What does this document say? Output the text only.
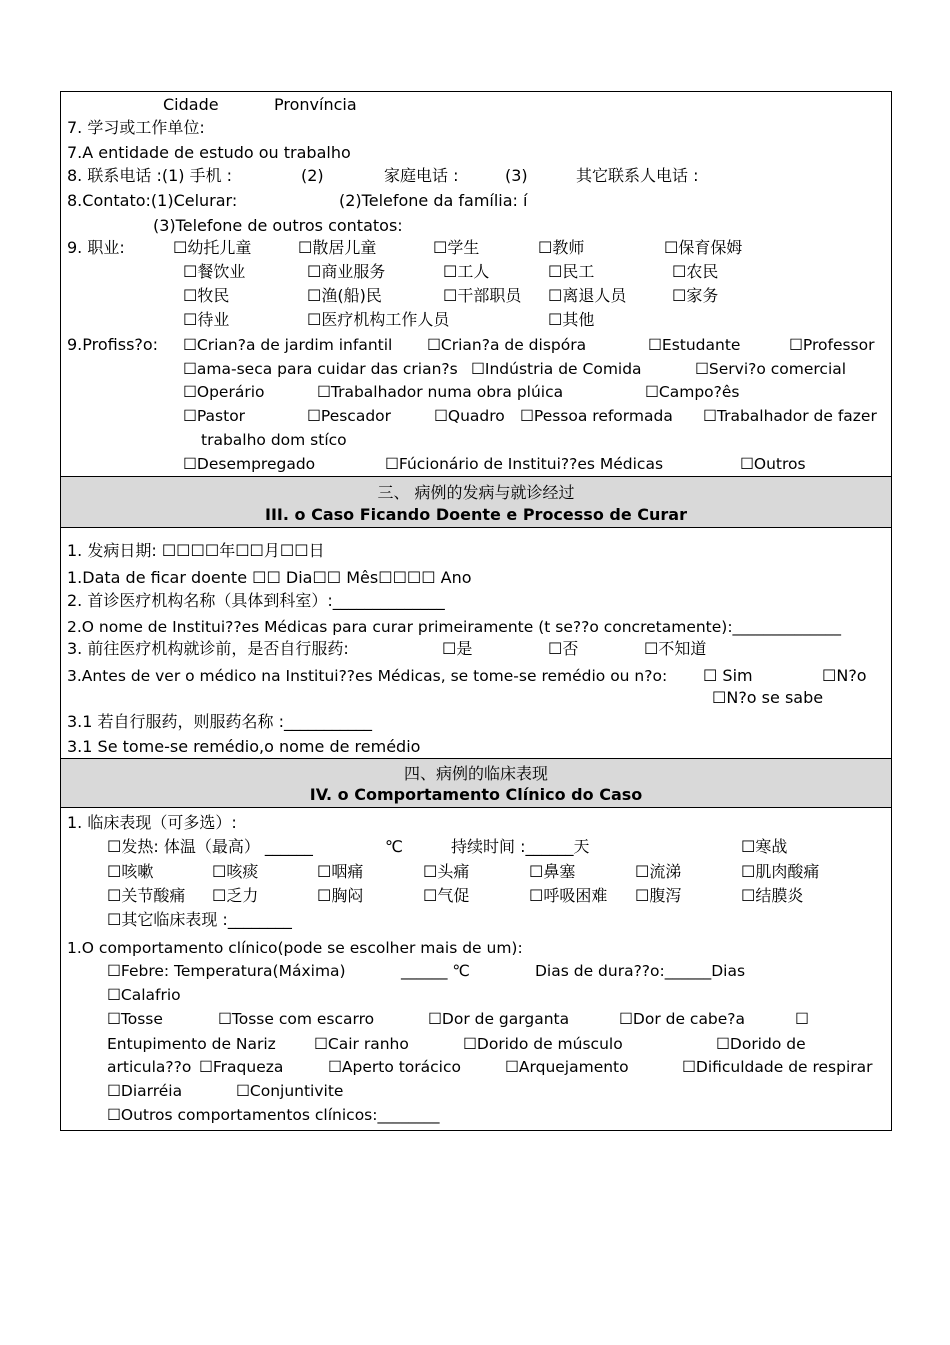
Cidade	Pronvíncia
7. 学习或工作单位:
7.A entidade de estudo ou trabalho
8. 联系电话 :(1) 手机 :	(2)	家庭电话 :	(3)	其它联系人电话 :
8.Contato:(1)Celurar:	(2)Telefone da família: í
(3)Telefone de outros contatos:
9. 职业:	☐幼托儿童	☐散居儿童	☐学生	☐教师	☐保育保姆
☐餐饮业	☐商业服务	☐工人	☐民工	☐农民
☐牧民	☐渔(船)民	☐干部职员 ☐离退人员	☐家务
☐待业	☐医疗机构工作人员	☐其他
9.Profiss?o: ☐Crian?a de jardim infantil ☐Crian?a de dispóra	☐Estudante	☐Professor
☐ama-seca para cuidar das crian?s ☐Indústria de Comida	☐Servi?o comercial
☐Operário	☐Trabalhador numa obra plúica	☐Campo?ês
☐Pastor	☐Pescador	☐Quadro ☐Pessoa reformada ☐Trabalhador de fazer
trabalho dom stíco
☐Desempregado	☐Fúcionário de Institui??es Médicas	☐Outros
三、 病例的发病与就诊经过
III. o Caso Ficando Doente e Processo de Curar
1. 发病日期: ☐☐☐☐年☐☐月☐☐日
1.Data de ficar doente ☐☐ Dia☐☐ Mês☐☐☐☐ Ano
2. 首诊医疗机构名称（具体到科室）:______________
2.O nome de Institui??es Médicas para curar primeiramente (t se??o concretamente):______________
3. 前往医疗机构就诊前，是否自行服药:	☐是	☐否	☐不知道
3.Antes de ver o médico na Institui??es Médicas, se tome-se remédio ou n?o: ☐ Sim	☐N?o
☐N?o se sabe
3.1 若自行服药，则服药名称 :___________
3.1 Se tome-se remédio,o nome de remédio
四、病例的临床表现
IV. o Comportamento Clínico do Caso
1. 临床表现（可多选）:
☐发热: 体温（最高） ______	℃	持续时间 :______天	☐寒战
☐咳嗽	☐咳痰	☐咽痛	☐头痛	☐鼻塞	☐流涕	☐肌肉酸痛
☐关节酸痛 ☐乏力	☐胸闷	☐气促	☐呼吸困难 ☐腹泻	☐结膜炎
☐其它临床表现 :________
1.O comportamento clínico(pode se escolher mais de um):
☐Febre: Temperatura(Máxima)	______ ℃	Dias de dura??o:______Dias
☐Calafrio
☐Tosse	☐Tosse com escarro	☐Dor de garganta	☐Dor de cabe?a	☐
Entupimento de Nariz ☐Cair ranho	☐Dorido de músculo	☐Dorido de
articula??o ☐Fraqueza	☐Aperto torácico	☐Arquejamento	☐Dificuldade de respirar
☐Diarréia	☐Conjuntivite
☐Outros comportamentos clínicos:________
